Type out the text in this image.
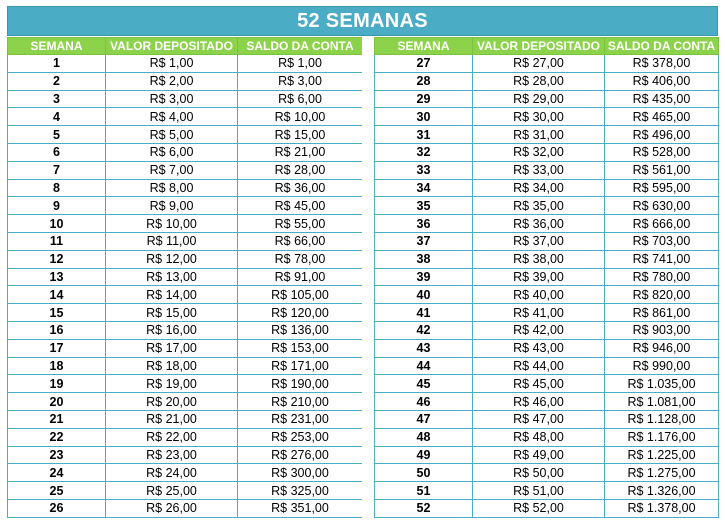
52 SEMANAS
SEMANA	VALOR DEPOSITADO	SALDO DA CONTA
1	R$ 1,00	R$ 1,00
2	R$ 2,00	R$ 3,00
3	R$ 3,00	R$ 6,00
4	R$ 4,00	R$ 10,00
5	R$ 5,00	R$ 15,00
6	R$ 6,00	R$ 21,00
7	R$ 7,00	R$ 28,00
8	R$ 8,00	R$ 36,00
9	R$ 9,00	R$ 45,00
10	R$ 10,00	R$ 55,00
11	R$ 11,00	R$ 66,00
12	R$ 12,00	R$ 78,00
13	R$ 13,00	R$ 91,00
14	R$ 14,00	R$ 105,00
15	R$ 15,00	R$ 120,00
16	R$ 16,00	R$ 136,00
17	R$ 17,00	R$ 153,00
18	R$ 18,00	R$ 171,00
19	R$ 19,00	R$ 190,00
20	R$ 20,00	R$ 210,00
21	R$ 21,00	R$ 231,00
22	R$ 22,00	R$ 253,00
23	R$ 23,00	R$ 276,00
24	R$ 24,00	R$ 300,00
25	R$ 25,00	R$ 325,00
26	R$ 26,00	R$ 351,00
SEMANA	VALOR DEPOSITADO	SALDO DA CONTA
27	R$ 27,00	R$ 378,00
28	R$ 28,00	R$ 406,00
29	R$ 29,00	R$ 435,00
30	R$ 30,00	R$ 465,00
31	R$ 31,00	R$ 496,00
32	R$ 32,00	R$ 528,00
33	R$ 33,00	R$ 561,00
34	R$ 34,00	R$ 595,00
35	R$ 35,00	R$ 630,00
36	R$ 36,00	R$ 666,00
37	R$ 37,00	R$ 703,00
38	R$ 38,00	R$ 741,00
39	R$ 39,00	R$ 780,00
40	R$ 40,00	R$ 820,00
41	R$ 41,00	R$ 861,00
42	R$ 42,00	R$ 903,00
43	R$ 43,00	R$ 946,00
44	R$ 44,00	R$ 990,00
45	R$ 45,00	R$ 1.035,00
46	R$ 46,00	R$ 1.081,00
47	R$ 47,00	R$ 1.128,00
48	R$ 48,00	R$ 1.176,00
49	R$ 49,00	R$ 1.225,00
50	R$ 50,00	R$ 1.275,00
51	R$ 51,00	R$ 1.326,00
52	R$ 52,00	R$ 1.378,00
